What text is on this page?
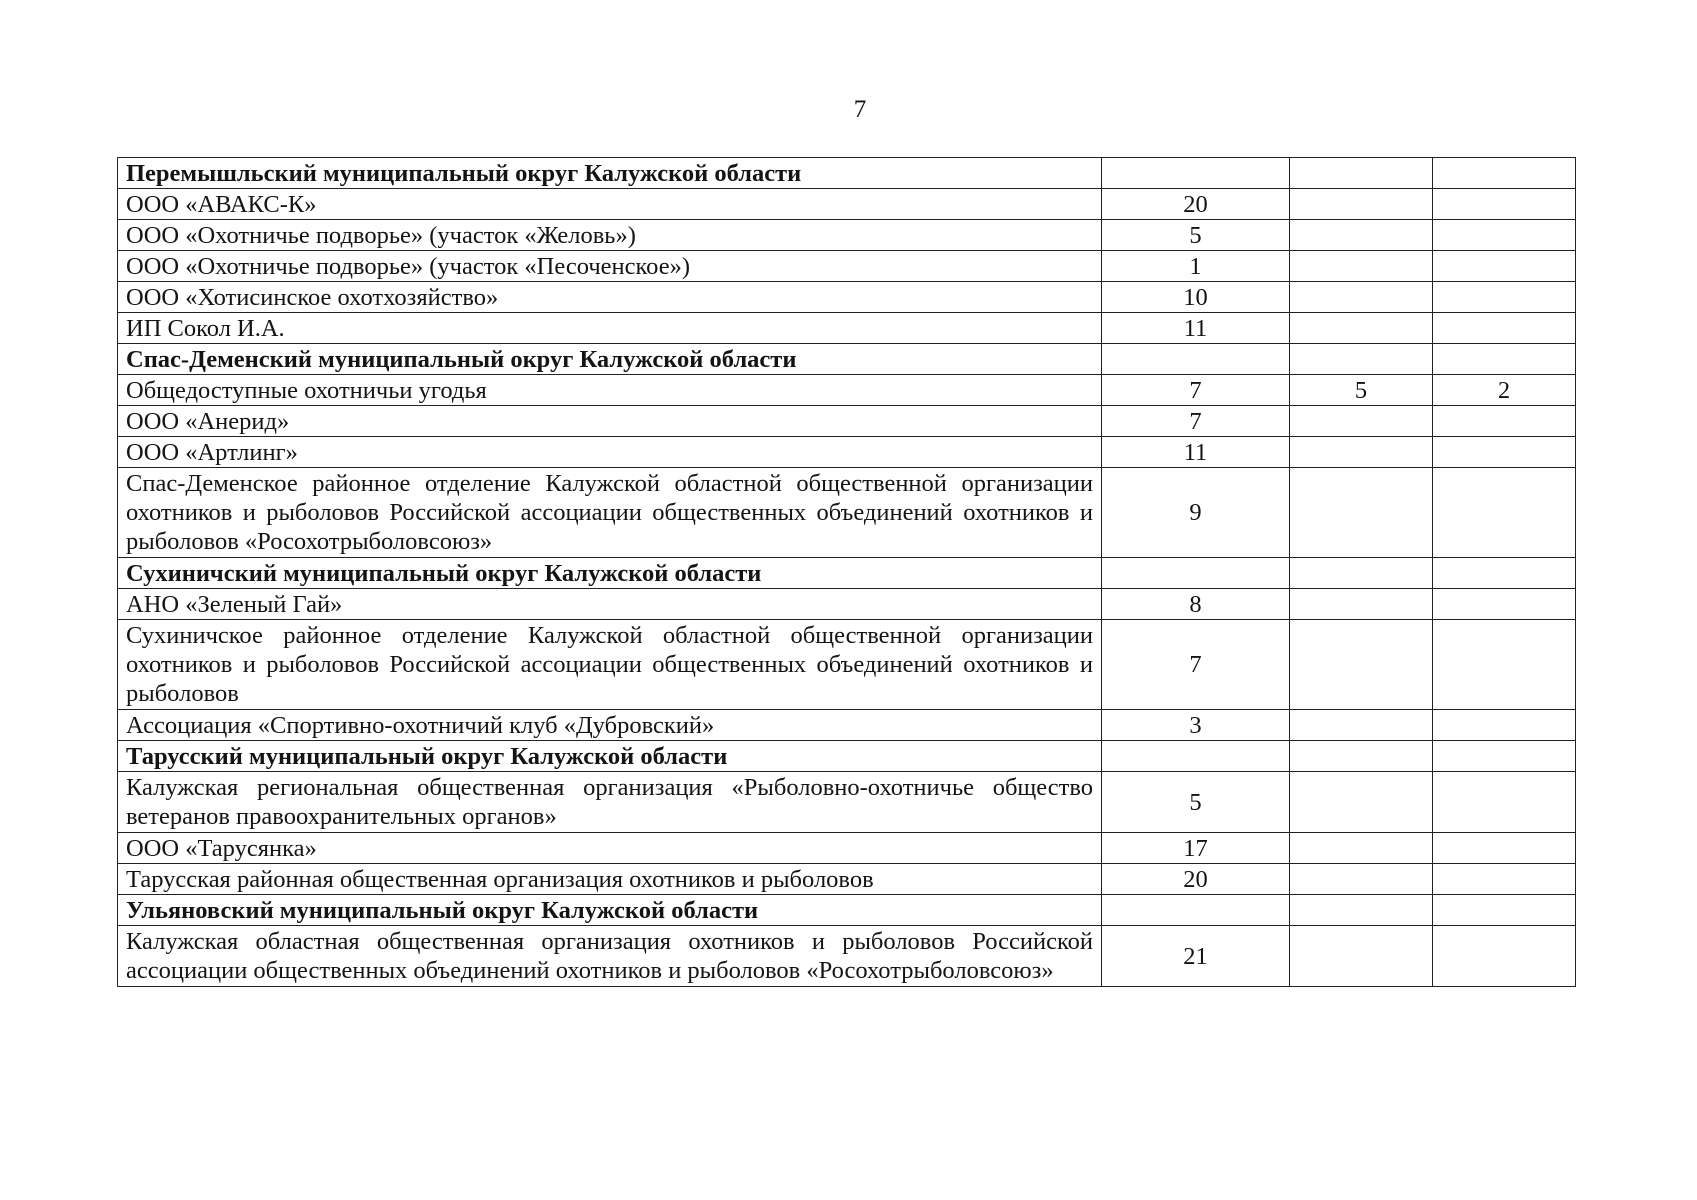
7
Перемышльский муниципальный округ Калужской области			
ООО «АВАКС-К»	20		
ООО «Охотничье подворье» (участок «Желовь»)	5		
ООО «Охотничье подворье» (участок «Песоченское»)	1		
ООО «Хотисинское охотхозяйство»	10		
ИП Сокол И.А.	11		
Спас-Деменский муниципальный округ Калужской области			
Общедоступные охотничьи угодья	7	5	2
ООО «Анерид»	7		
ООО «Артлинг»	11		
Спас-Деменское районное отделение Калужской областной общественной организации охотников и рыболовов Российской ассоциации общественных объединений охотников и рыболовов «Росохотрыболовсоюз»	9		
Сухиничский муниципальный округ Калужской области			
АНО «Зеленый Гай»	8		
Сухиничское районное отделение Калужской областной общественной организации охотников и рыболовов Российской ассоциации общественных объединений охотников и рыболовов	7		
Ассоциация «Спортивно-охотничий клуб «Дубровский»	3		
Тарусский муниципальный округ Калужской области			
Калужская региональная общественная организация «Рыболовно-охотничье общество ветеранов правоохранительных органов»	5		
ООО «Тарусянка»	17		
Тарусская районная общественная организация охотников и рыболовов	20		
Ульяновский муниципальный округ Калужской области			
Калужская областная общественная организация охотников и рыболовов Российской ассоциации общественных объединений охотников и рыболовов «Росохотрыболовсоюз»	21		
